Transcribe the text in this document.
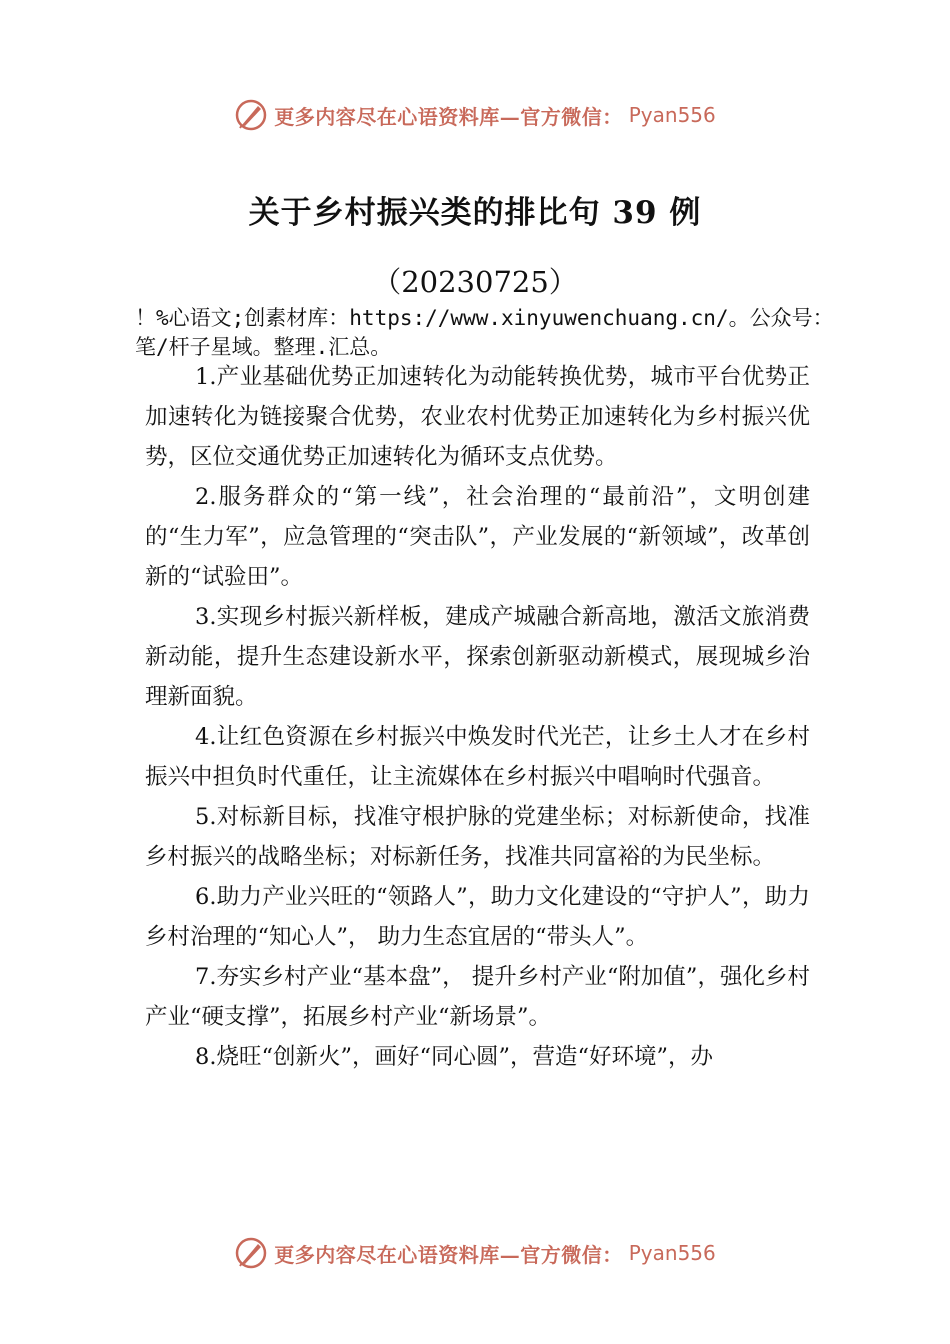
更多内容尽在心语资料库—官方微信： Pyan556
关于乡村振兴类的排比句 39 例
（20230725）
！%心语文;创素材库：https://www.xinyuwenchuang.cn/。公众号：笔/杆子星域。整理.汇总。

1.产业基础优势正加速转化为动能转换优势，城市平台优势正加速转化为链接聚合优势，农业农村优势正加速转化为乡村振兴优势，区位交通优势正加速转化为循环支点优势。

2.服务群众的“第一线”，社会治理的“最前沿”，文明创建的“生力军”，应急管理的“突击队”，产业发展的“新领域”，改革创新的“试验田”。

3.实现乡村振兴新样板，建成产城融合新高地，激活文旅消费新动能，提升生态建设新水平，探索创新驱动新模式，展现城乡治理新面貌。

4.让红色资源在乡村振兴中焕发时代光芒，让乡土人才在乡村振兴中担负时代重任，让主流媒体在乡村振兴中唱响时代强音。

5.对标新目标，找准守根护脉的党建坐标；对标新使命，找准乡村振兴的战略坐标；对标新任务，找准共同富裕的为民坐标。

6.助力产业兴旺的“领路人”，助力文化建设的“守护人”，助力乡村治理的“知心人”， 助力生态宜居的“带头人”。

7.夯实乡村产业“基本盘”， 提升乡村产业“附加值”，强化乡村产业“硬支撑”，拓展乡村产业“新场景”。

8.烧旺“创新火”，画好“同心圆”，营造“好环境”，办

更多内容尽在心语资料库—官方微信： Pyan556
